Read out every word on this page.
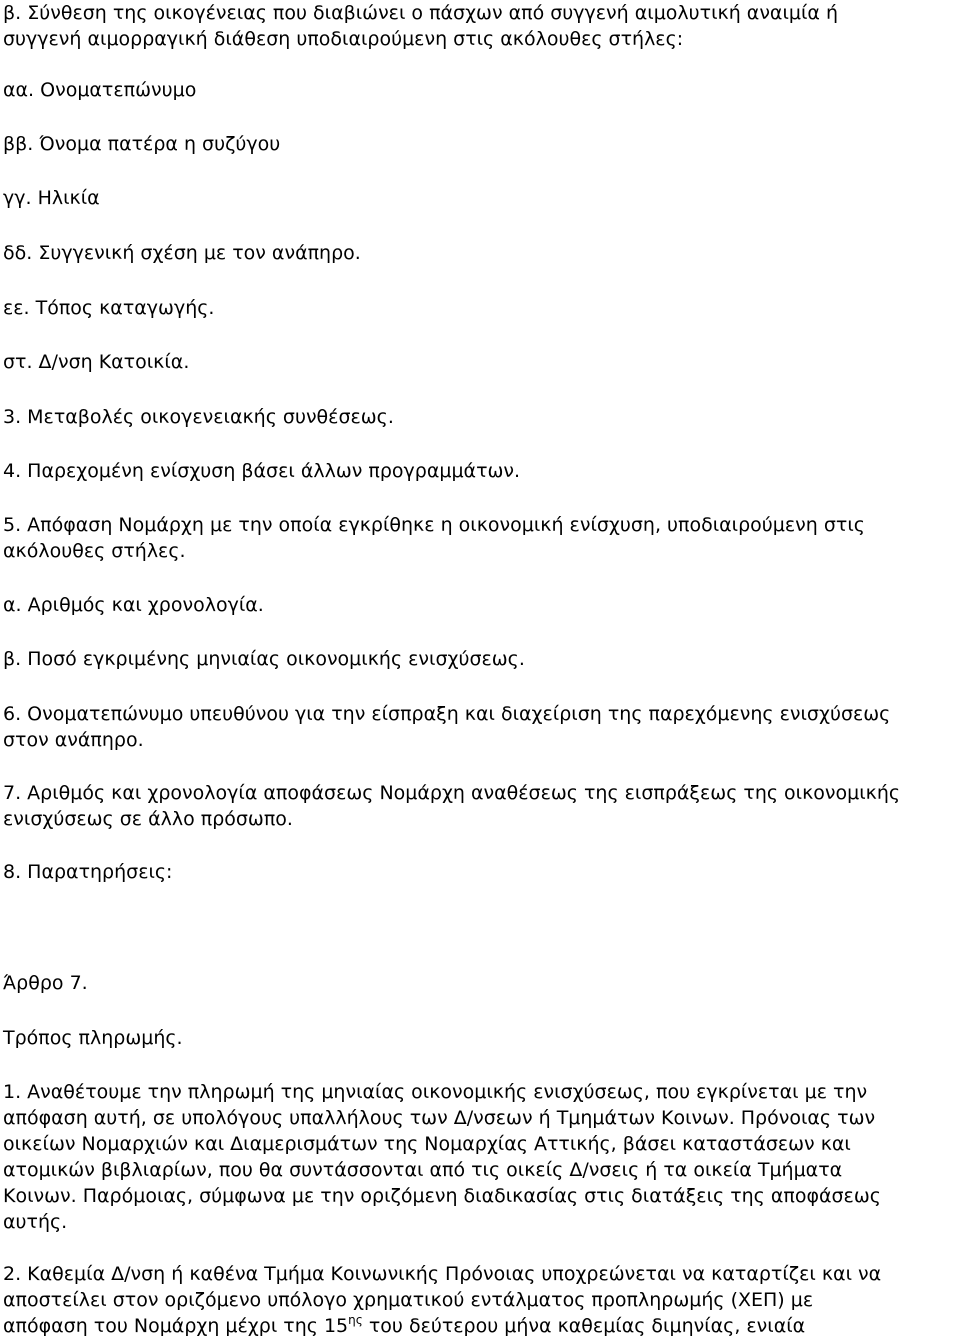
β. Σύνθεση της οικογένειας που διαβιώνει ο πάσχων από συγγενή αιμολυτική αναιμία ή
συγγενή αιμορραγική διάθεση υποδιαιρούμενη στις ακόλουθες στήλες:

αα. Ονοματεπώνυμο

ββ. Όνομα πατέρα η συζύγου

γγ. Ηλικία

δδ. Συγγενική σχέση με τον ανάπηρο.

εε. Τόπος καταγωγής.

στ. Δ/νση Κατοικία.

3. Μεταβολές οικογενειακής συνθέσεως.

4. Παρεχομένη ενίσχυση βάσει άλλων προγραμμάτων.

5. Απόφαση Νομάρχη με την οποία εγκρίθηκε η οικονομική ενίσχυση, υποδιαιρούμενη στις
ακόλουθες στήλες.

α. Αριθμός και χρονολογία.

β. Ποσό εγκριμένης μηνιαίας οικονομικής ενισχύσεως.

6. Ονοματεπώνυμο υπευθύνου για την είσπραξη και διαχείριση της παρεχόμενης ενισχύσεως
στον ανάπηρο.

7. Αριθμός και χρονολογία αποφάσεως Νομάρχη αναθέσεως της εισπράξεως της οικονομικής
ενισχύσεως σε άλλο πρόσωπο.

8. Παρατηρήσεις:

Άρθρο 7.

Τρόπος πληρωμής.

1. Αναθέτουμε την πληρωμή της μηνιαίας οικονομικής ενισχύσεως, που εγκρίνεται με την
απόφαση αυτή, σε υπολόγους υπαλλήλους των Δ/νσεων ή Τμημάτων Κοινων. Πρόνοιας των
οικείων Νομαρχιών και Διαμερισμάτων της Νομαρχίας Αττικής, βάσει καταστάσεων και
ατομικών βιβλιαρίων, που θα συντάσσονται από τις οικείς Δ/νσεις ή τα οικεία Τμήματα
Κοινων. Παρόμοιας, σύμφωνα με την οριζόμενη διαδικασίας στις διατάξεις της αποφάσεως
αυτής.

2. Καθεμία Δ/νση ή καθένα Τμήμα Κοινωνικής Πρόνοιας υποχρεώνεται να καταρτίζει και να
αποστείλει στον οριζόμενο υπόλογο χρηματικού εντάλματος προπληρωμής (ΧΕΠ) με
απόφαση του Νομάρχη μέχρι της $15^{\eta\varsigma}$ του δεύτερου μήνα καθεμίας διμηνίας, ενιαία
